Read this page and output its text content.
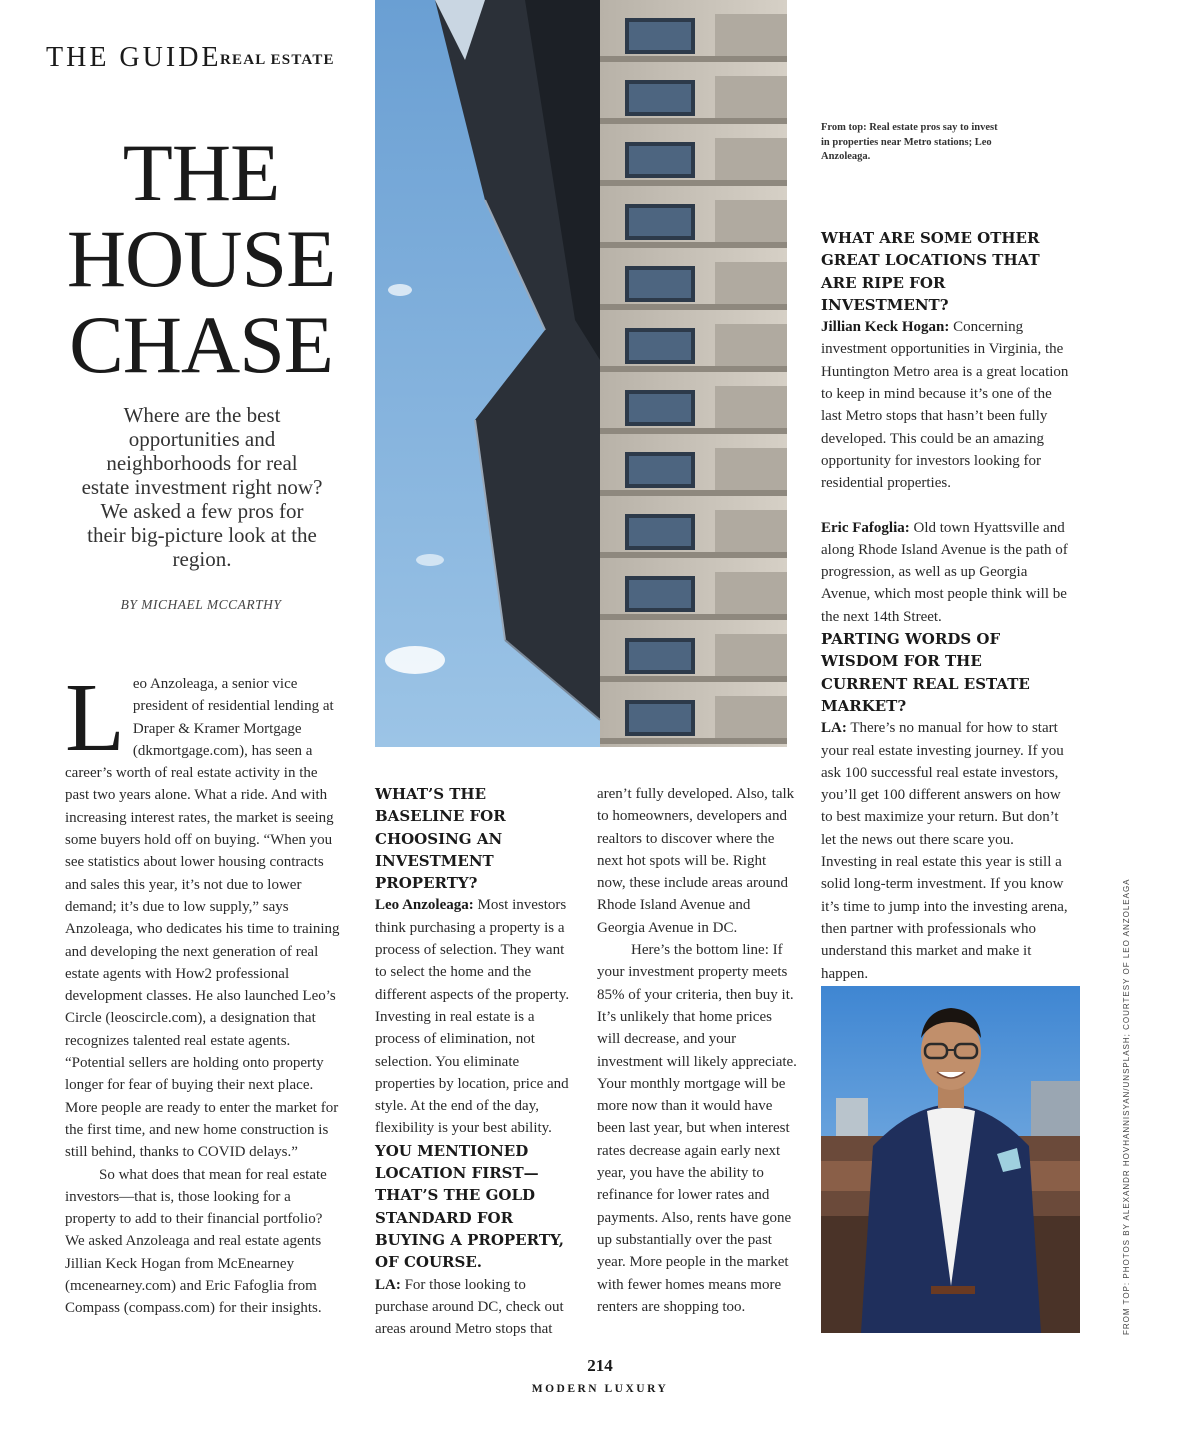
THE GUIDE
REAL ESTATE
THE
HOUSE
CHASE
Where are the best opportunities and neighborhoods for real estate investment right now? We asked a few pros for their big-picture look at the region.
BY MICHAEL MCCARTHY
L eo Anzoleaga, a senior vice president of residential lending at Draper & Kramer Mortgage (dkmortgage.com), has seen a career’s worth of real estate activity in the past two years alone. What a ride. And with increasing interest rates, the market is seeing some buyers hold off on buying. “When you see statistics about lower housing contracts and sales this year, it’s not due to lower demand; it’s due to low supply,” says Anzoleaga, who dedicates his time to training and developing the next generation of real estate agents with How2 professional development classes. He also launched Leo’s Circle (leoscircle.com), a designation that recognizes talented real estate agents. “Potential sellers are holding onto property longer for fear of buying their next place. More people are ready to enter the market for the first time, and new home construction is still behind, thanks to COVID delays.”

So what does that mean for real estate investors—that is, those looking for a property to add to their financial portfolio? We asked Anzoleaga and real estate agents Jillian Keck Hogan from McEnearney (mcenearney.com) and Eric Fafoglia from Compass (compass.com) for their insights.

WHAT’S THE BASELINE FOR CHOOSING AN INVESTMENT PROPERTY?

Leo Anzoleaga: Most investors think purchasing a property is a process of selection. They want to select the home and the different aspects of the property. Investing in real estate is a process of elimination, not selection. You eliminate properties by location, price and style. At the end of the day, flexibility is your best ability.

YOU MENTIONED LOCATION FIRST—THAT’S THE GOLD STANDARD FOR BUYING A PROPERTY, OF COURSE.

LA: For those looking to purchase around DC, check out areas around Metro stops that

aren’t fully developed. Also, talk to homeowners, developers and realtors to discover where the next hot spots will be. Right now, these include areas around Rhode Island Avenue and Georgia Avenue in DC.

Here’s the bottom line: If your investment property meets 85% of your criteria, then buy it. It’s unlikely that home prices will decrease, and your investment will likely appreciate. Your monthly mortgage will be more now than it would have been last year, but when interest rates decrease again early next year, you have the ability to refinance for lower rates and payments. Also, rents have gone up substantially over the past year. More people in the market with fewer homes means more renters are shopping too.

From top: Real estate pros say to invest in properties near Metro stations; Leo Anzoleaga.

WHAT ARE SOME OTHER GREAT LOCATIONS THAT ARE RIPE FOR INVESTMENT?

Jillian Keck Hogan: Concerning investment opportunities in Virginia, the Huntington Metro area is a great location to keep in mind because it’s one of the last Metro stops that hasn’t been fully developed. This could be an amazing opportunity for investors looking for residential properties.

Eric Fafoglia: Old town Hyattsville and along Rhode Island Avenue is the path of progression, as well as up Georgia Avenue, which most people think will be the next 14th Street.

PARTING WORDS OF WISDOM FOR THE CURRENT REAL ESTATE MARKET?

LA: There’s no manual for how to start your real estate investing journey. If you ask 100 successful real estate investors, you’ll get 100 different answers on how to best maximize your return. But don’t let the news out there scare you. Investing in real estate this year is still a solid long-term investment. If you know it’s time to jump into the investing arena, then partner with professionals who understand this market and make it happen.	FROM TOP: PHOTOS BY ALEXANDR HOVHANNISYAN/UNSPLASH; COURTESY OF LEO ANZOLEAGA
214
MODERN LUXURY
